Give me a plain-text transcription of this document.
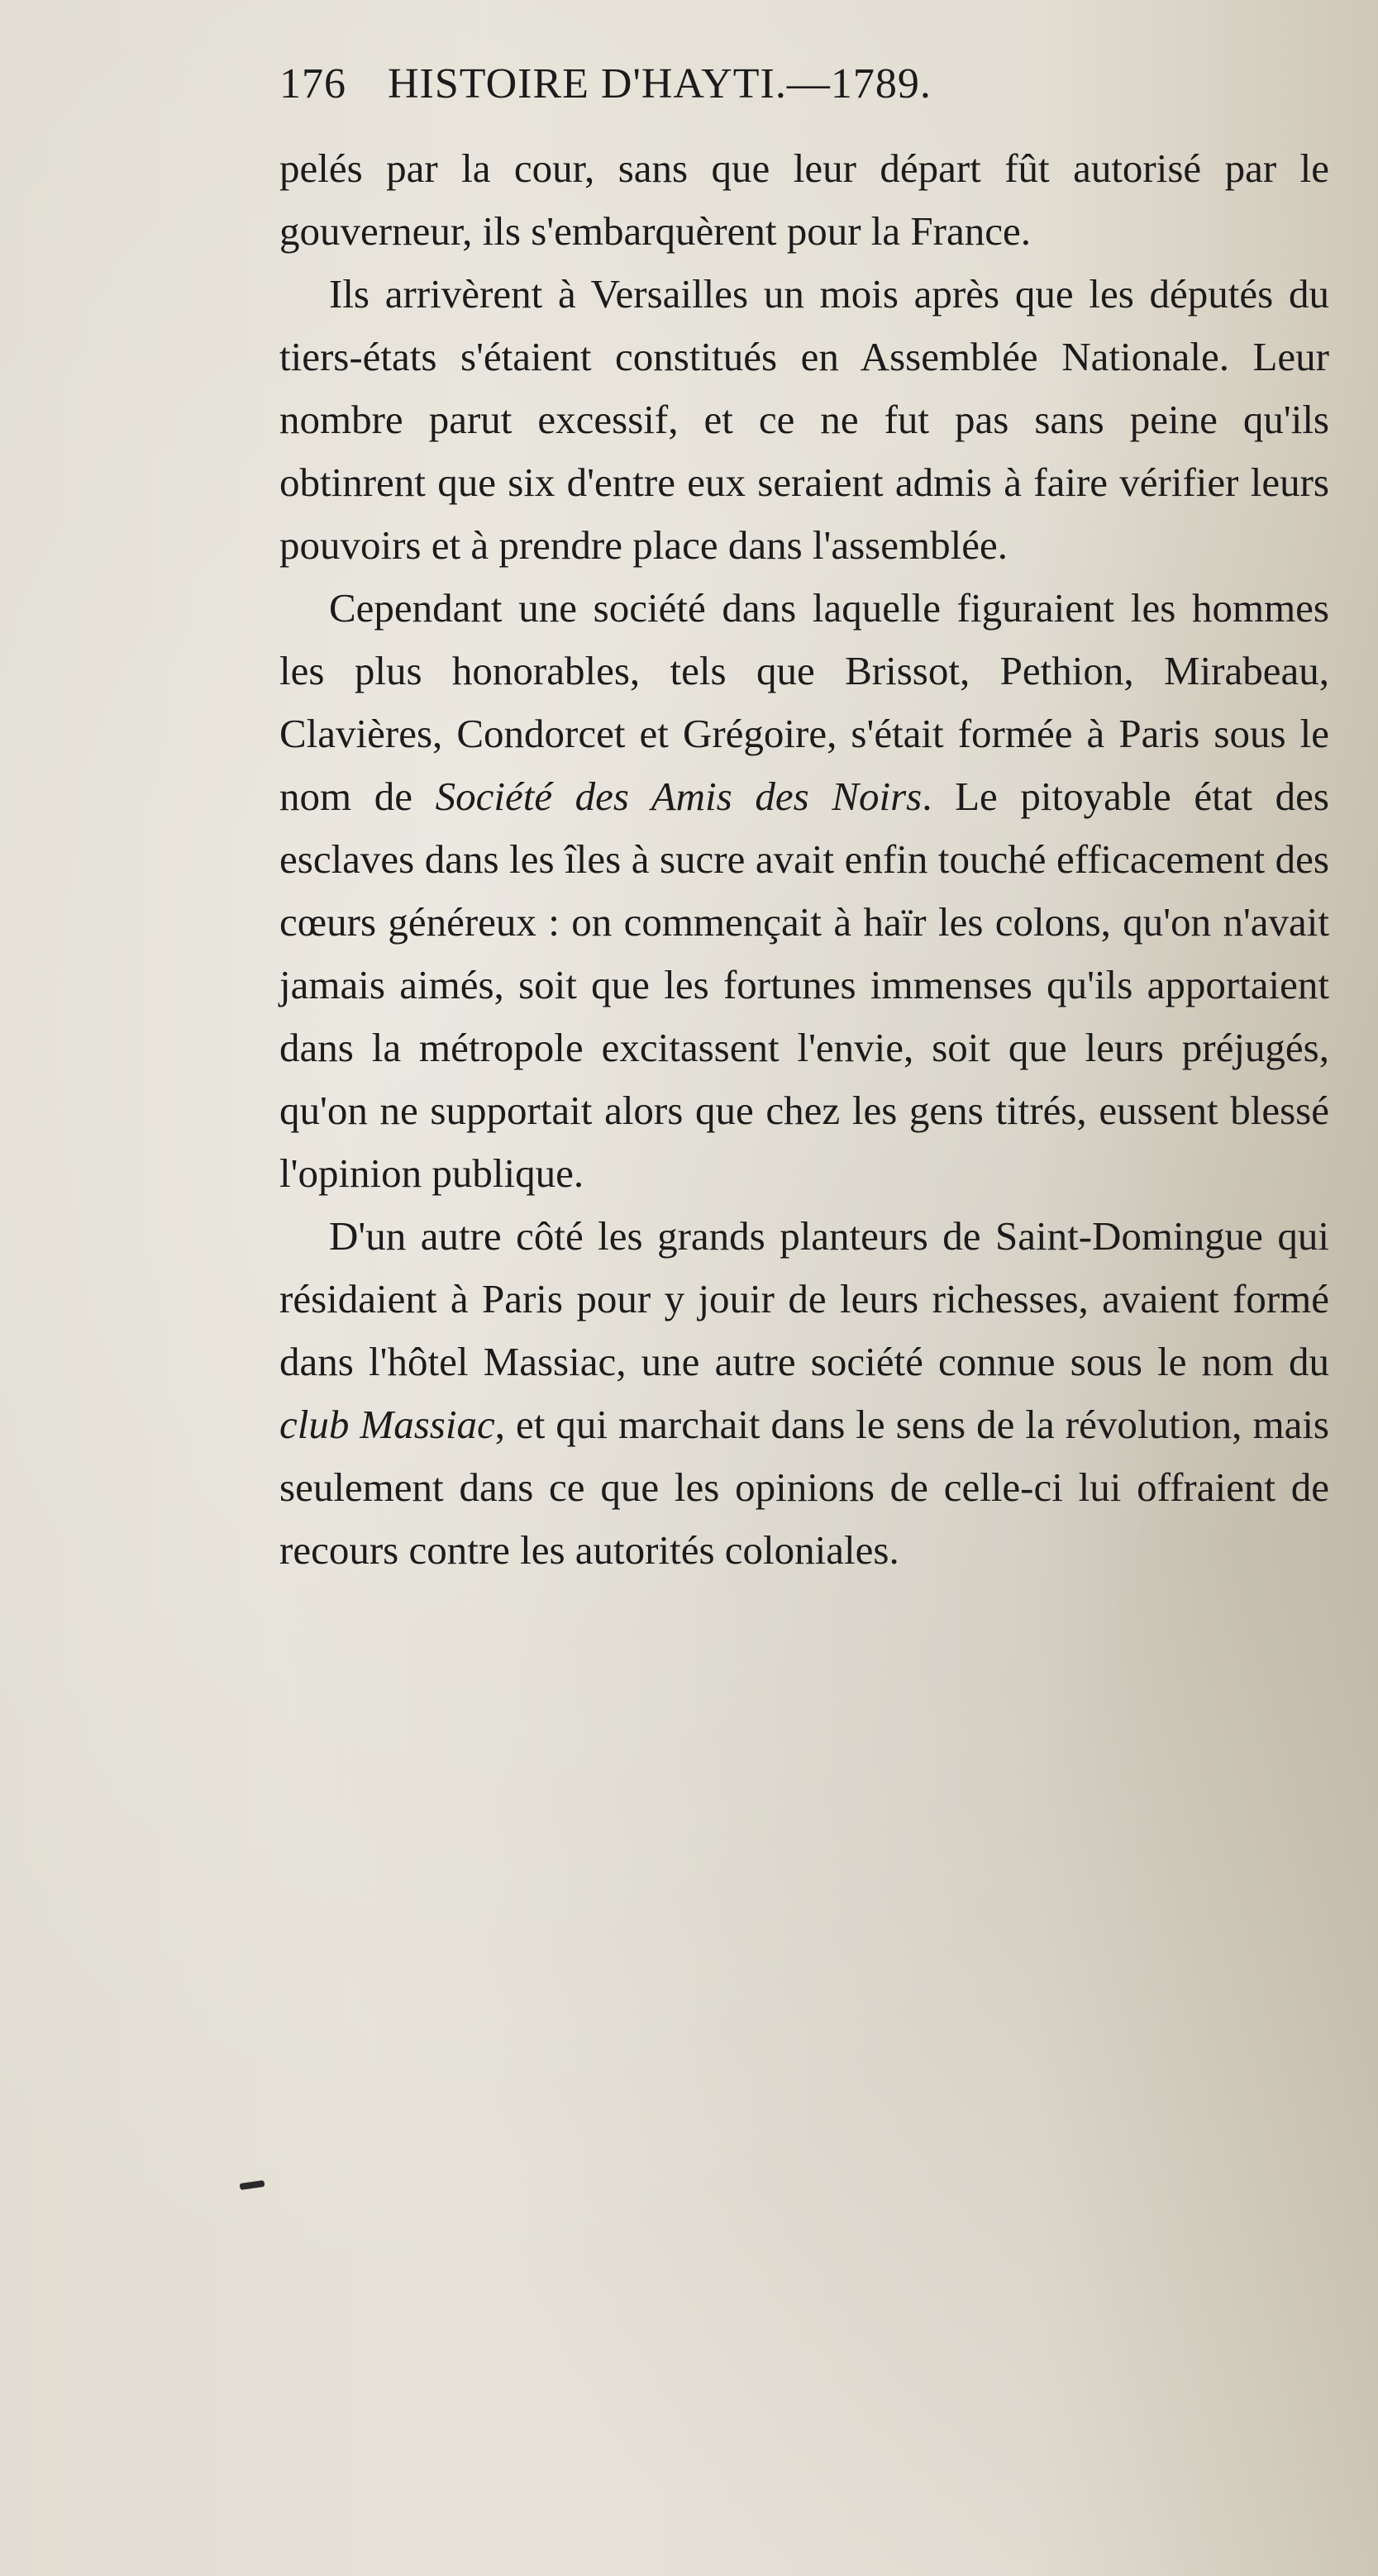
176 HISTOIRE D'HAYTI.—1789.

pelés par la cour, sans que leur départ fût autorisé par le gouverneur, ils s'embarquèrent pour la France.

Ils arrivèrent à Versailles un mois après que les députés du tiers-états s'étaient constitués en Assemblée Nationale. Leur nombre parut excessif, et ce ne fut pas sans peine qu'ils obtinrent que six d'entre eux seraient admis à faire vérifier leurs pouvoirs et à prendre place dans l'assemblée.

Cependant une société dans laquelle figuraient les hommes les plus honorables, tels que Brissot, Pethion, Mirabeau, Clavières, Condorcet et Grégoire, s'était formée à Paris sous le nom de Société des Amis des Noirs. Le pitoyable état des esclaves dans les îles à sucre avait enfin touché efficacement des cœurs généreux : on commençait à haïr les colons, qu'on n'avait jamais aimés, soit que les fortunes immenses qu'ils apportaient dans la métropole excitassent l'envie, soit que leurs préjugés, qu'on ne supportait alors que chez les gens titrés, eussent blessé l'opinion publique.

D'un autre côté les grands planteurs de Saint-Domingue qui résidaient à Paris pour y jouir de leurs richesses, avaient formé dans l'hôtel Massiac, une autre société connue sous le nom du club Massiac, et qui marchait dans le sens de la révolution, mais seulement dans ce que les opinions de celle-ci lui offraient de recours contre les autorités coloniales.
